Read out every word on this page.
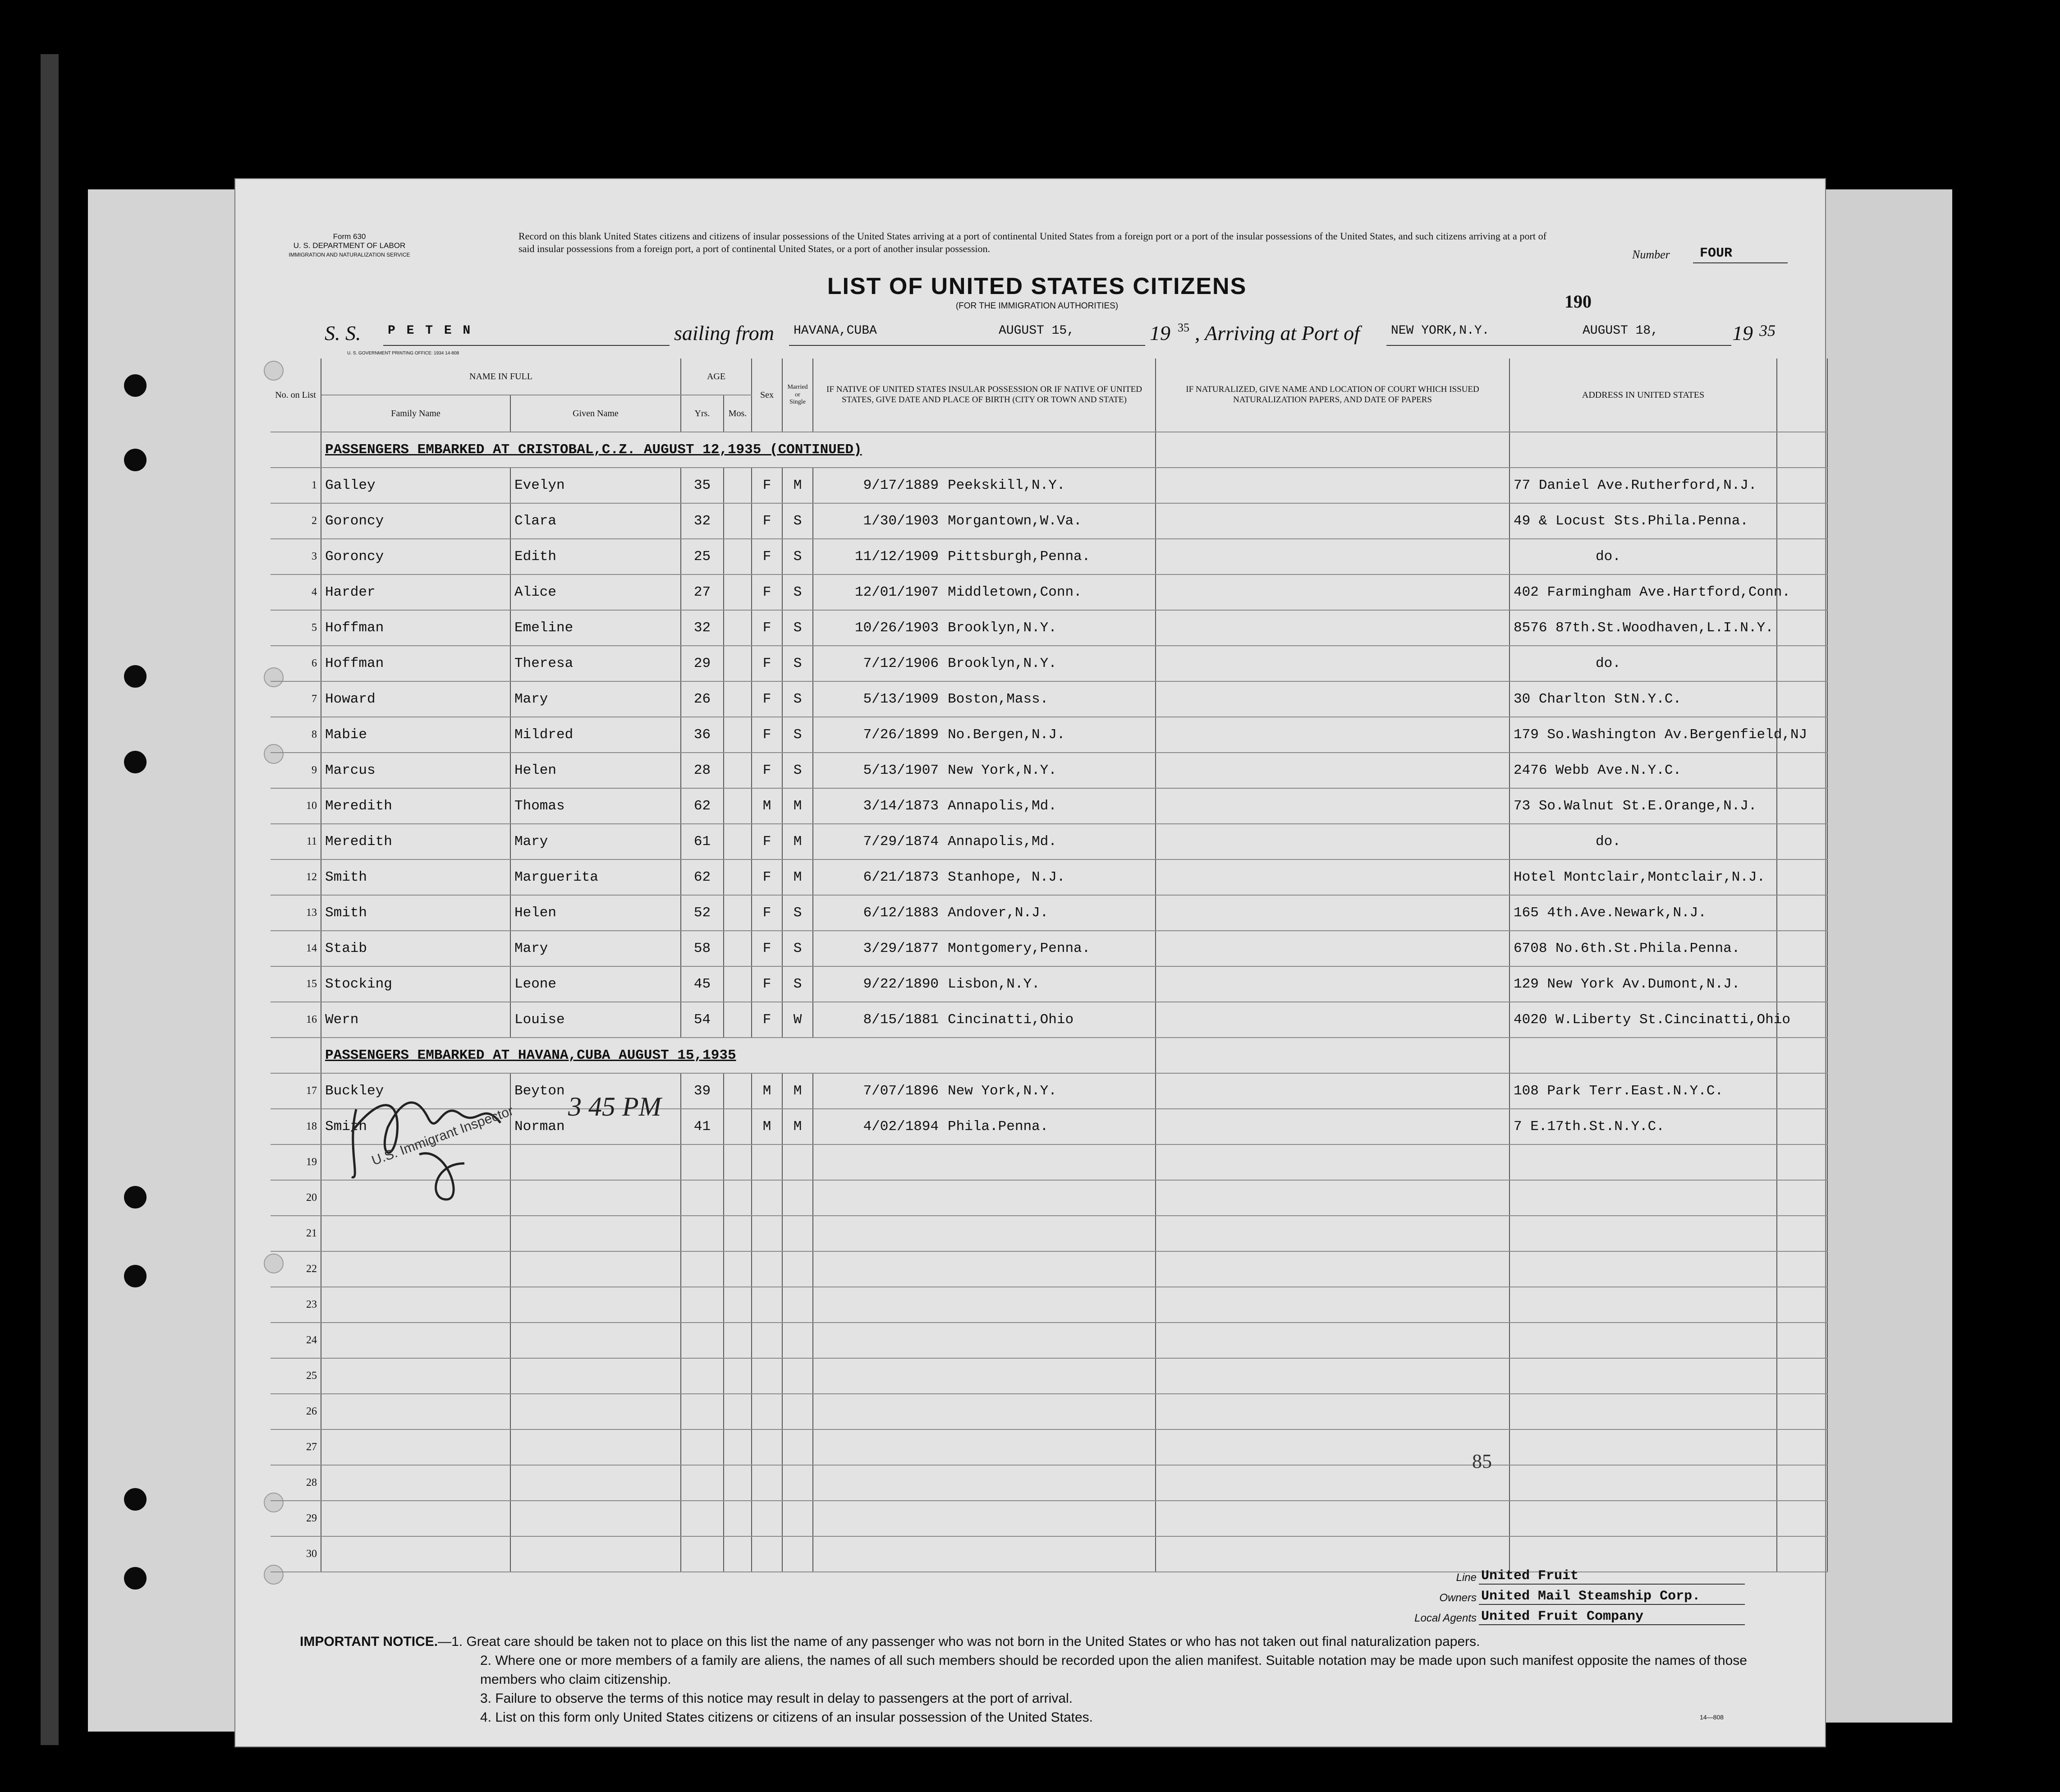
Form 630
U. S. DEPARTMENT OF LABOR
IMMIGRATION AND NATURALIZATION SERVICE
Record on this blank United States citizens and citizens of insular possessions of the United States arriving at a port of continental United States from a foreign port or a port of the insular possessions of the United States, and such citizens arriving at a port of said insular possessions from a foreign port, a port of continental United States, or a port of another insular possession.	Number FOUR
LIST OF UNITED STATES CITIZENS
(FOR THE IMMIGRATION AUTHORITIES)	190
S. S. P E T E N	sailing from HAVANA,CUBA	AUGUST 15,	19 35 , Arriving at Port of NEW YORK,N.Y.	AUGUST 18,	19 35
U. S. GOVERNMENT PRINTING OFFICE: 1934 14-808
No. on List	NAME IN FULL		AGE		Sex	Married or Single	IF NATIVE OF UNITED STATES INSULAR POSSESSION OR IF NATIVE OF UNITED STATES, GIVE DATE AND PLACE OF BIRTH (CITY OR TOWN AND STATE)	IF NATURALIZED, GIVE NAME AND LOCATION OF COURT WHICH ISSUED NATURALIZATION PAPERS, AND DATE OF PAPERS	ADDRESS IN UNITED STATES	
	Family Name	Given Name	Yrs.	Mos.						
	PASSENGERS EMBARKED AT CRISTOBAL,C.Z. AUGUST 12,1935 (CONTINUED)									
1	Galley	Evelyn	35		F	M	9/17/1889 Peekskill,N.Y.		77 Daniel Ave.Rutherford,N.J.	
2	Goroncy	Clara	32		F	S	1/30/1903 Morgantown,W.Va.		49 & Locust Sts.Phila.Penna.	
3	Goroncy	Edith	25		F	S	11/12/1909 Pittsburgh,Penna.		do.	
4	Harder	Alice	27		F	S	12/01/1907 Middletown,Conn.		402 Farmingham Ave.Hartford,Conn.	
5	Hoffman	Emeline	32		F	S	10/26/1903 Brooklyn,N.Y.		8576 87th.St.Woodhaven,L.I.N.Y.	
6	Hoffman	Theresa	29		F	S	7/12/1906 Brooklyn,N.Y.		do.	
7	Howard	Mary	26		F	S	5/13/1909 Boston,Mass.		30 Charlton StN.Y.C.	
8	Mabie	Mildred	36		F	S	7/26/1899 No.Bergen,N.J.		179 So.Washington Av.Bergenfield,NJ	
9	Marcus	Helen	28		F	S	5/13/1907 New York,N.Y.		2476 Webb Ave.N.Y.C.	
10	Meredith	Thomas	62		M	M	3/14/1873 Annapolis,Md.		73 So.Walnut St.E.Orange,N.J.	
11	Meredith	Mary	61		F	M	7/29/1874 Annapolis,Md.		do.	
12	Smith	Marguerita	62		F	M	6/21/1873 Stanhope, N.J.		Hotel Montclair,Montclair,N.J.	
13	Smith	Helen	52		F	S	6/12/1883 Andover,N.J.		165 4th.Ave.Newark,N.J.	
14	Staib	Mary	58		F	S	3/29/1877 Montgomery,Penna.		6708 No.6th.St.Phila.Penna.	
15	Stocking	Leone	45		F	S	9/22/1890 Lisbon,N.Y.		129 New York Av.Dumont,N.J.	
16	Wern	Louise	54		F	W	8/15/1881 Cincinatti,Ohio		4020 W.Liberty St.Cincinatti,Ohio	
	PASSENGERS EMBARKED AT HAVANA,CUBA AUGUST 15,1935									
17	Buckley	Beyton	39		M	M	7/07/1896 New York,N.Y.		108 Park Terr.East.N.Y.C.	
18	Smith	Norman	41		M	M	4/02/1894 Phila.Penna.		7 E.17th.St.N.Y.C.	
19										
20										
21										
22										
23										
24										
25										
26										
27										
28										
29										
30										
U.S. Immigrant Inspector 3 45 PM
85
Line United Fruit
Owners United Mail Steamship Corp.
Local Agents United Fruit Company
IMPORTANT NOTICE.—1. Great care should be taken not to place on this list the name of any passenger who was not born in the United States or who has not taken out final naturalization papers.
2. Where one or more members of a family are aliens, the names of all such members should be recorded upon the alien manifest. Suitable notation may be made upon such manifest opposite the names of those members who claim citizenship.
3. Failure to observe the terms of this notice may result in delay to passengers at the port of arrival.
4. List on this form only United States citizens or citizens of an insular possession of the United States.	14—808
